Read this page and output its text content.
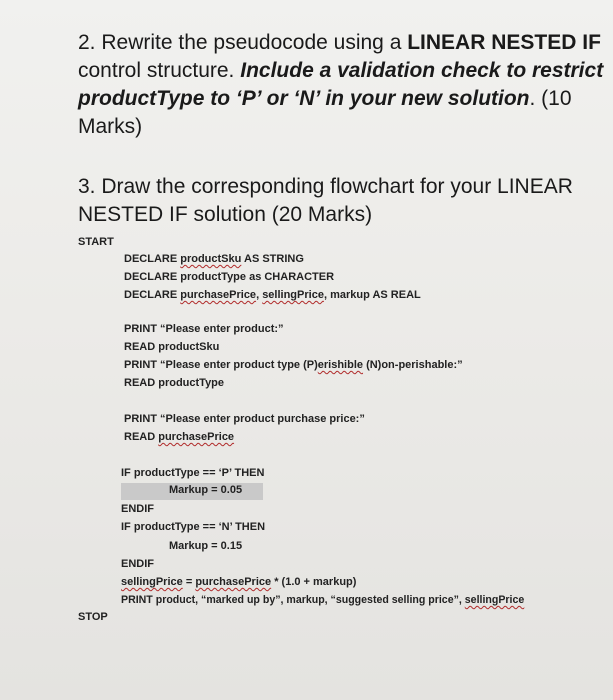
2. Rewrite the pseudocode using a LINEAR NESTED IF control structure. Include a validation check to restrict productType to ‘P’ or ‘N’ in your new solution. (10 Marks)
3. Draw the corresponding flowchart for your LINEAR NESTED IF solution (20 Marks)
START
DECLARE productSku AS STRING
DECLARE productType as CHARACTER
DECLARE purchasePrice, sellingPrice, markup AS REAL
PRINT “Please enter product:”
READ productSku
PRINT “Please enter product type (P)erishible (N)on-perishable:”
READ productType
PRINT “Please enter product purchase price:”
READ purchasePrice
IF productType == ‘P’ THEN
Markup = 0.05
ENDIF
IF productType == ‘N’ THEN
Markup = 0.15
ENDIF
sellingPrice = purchasePrice * (1.0 + markup)
PRINT product, “marked up by”, markup, “suggested selling price”, sellingPrice
STOP
